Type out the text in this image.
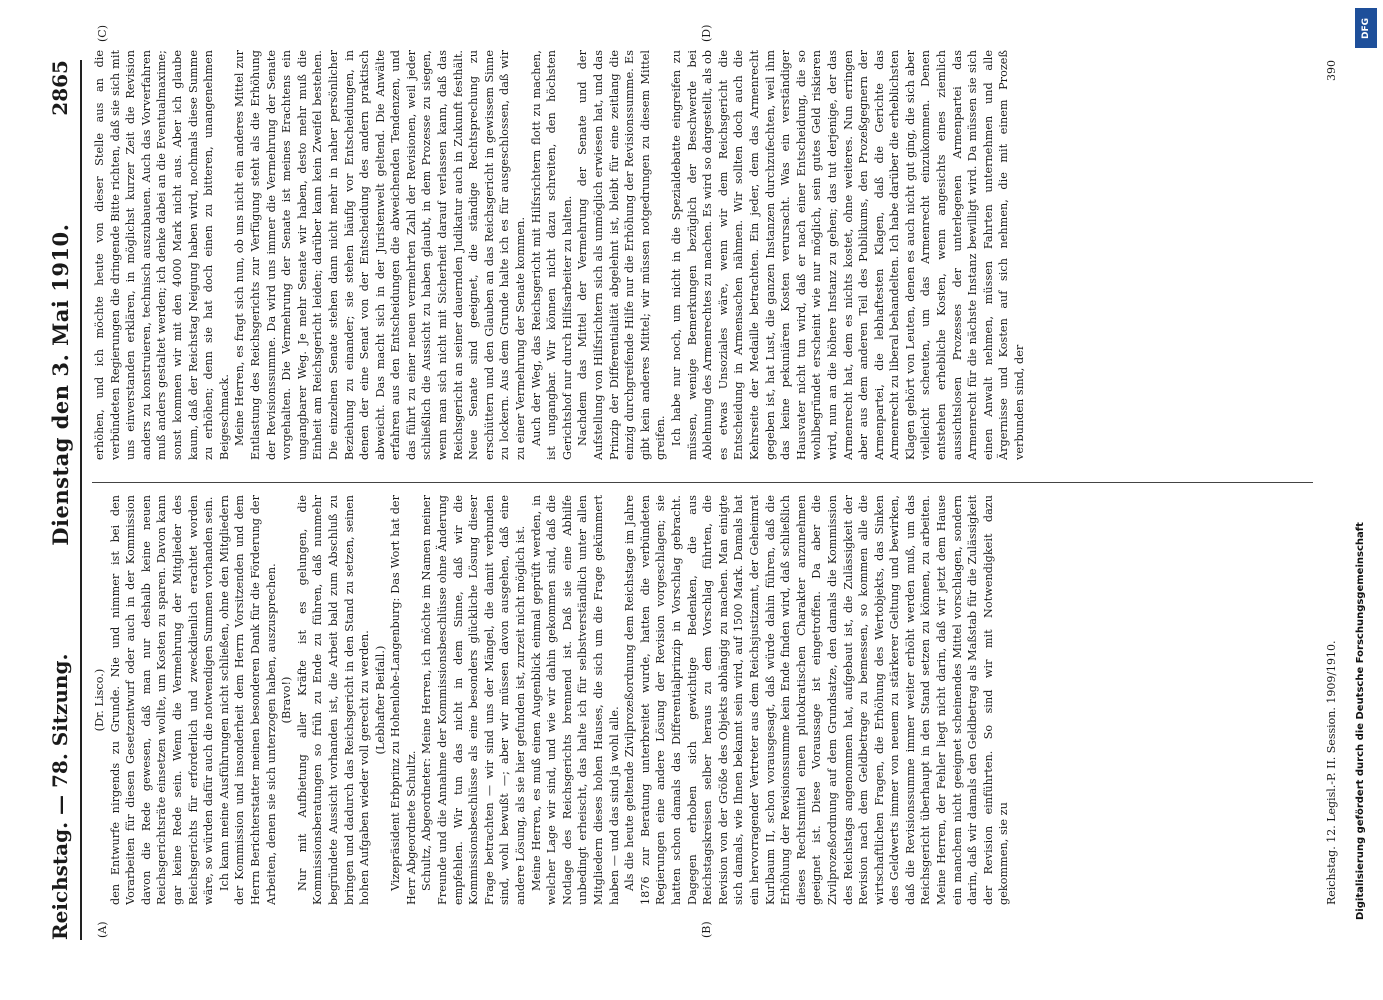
Reichstag. — 78. Sitzung.
Dienstag den 3. Mai 1910.
2865
(A)	(B)
(C)	(D)

(Dr. Lisco.) den Entwurfe nirgends zu Grunde. Nie und nimmer ist bei den Vorarbeiten für diesen Gesetzentwurf oder auch in der Kommission davon die Rede gewesen, daß man nur deshalb keine neuen Reichsgerichtsräte einsetzen wollte, um Kosten zu sparen. Davon kann gar keine Rede sein. Wenn die Vermehrung der Mitglieder des Reichsgerichts für erforderlich und zweckdienlich erachtet worden wäre, so würden dafür auch die notwendigen Summen vorhanden sein. Ich kann meine Ausführungen nicht schließen, ohne den Mitgliedern der Kommission und insonderheit dem Herrn Vorsitzenden und dem Herrn Berichterstatter meinen besonderen Dank für die Förderung der Arbeiten, denen sie sich unterzogen haben, auszusprechen. (Bravo!) Nur mit Aufbietung aller Kräfte ist es gelungen, die Kommissionsberatungen so früh zu Ende zu führen, daß nunmehr begründete Aussicht vorhanden ist, die Arbeit bald zum Abschluß zu bringen und dadurch das Reichsgericht in den Stand zu setzen, seinen hohen Aufgaben wieder voll gerecht zu werden. (Lebhafter Beifall.) Vizepräsident Erbprinz zu Hohenlohe-Langenburg: Das Wort hat der Herr Abgeordnete Schultz. Schultz, Abgeordneter: Meine Herren, ich möchte im Namen meiner Freunde und die Annahme der Kommissionsbeschlüsse ohne Änderung empfehlen. Wir tun das nicht in dem Sinne, daß wir die Kommissionsbeschlüsse als eine besonders glückliche Lösung dieser Frage betrachten — wir sind uns der Mängel, die damit verbunden sind, wohl bewußt —; aber wir müssen davon ausgehen, daß eine andere Lösung, als sie hier gefunden ist, zurzeit nicht möglich ist. Meine Herren, es muß einen Augenblick einmal geprüft werden, in welcher Lage wir sind, und wie wir dahin gekommen sind, daß die Notlage des Reichsgerichts brennend ist. Daß sie eine Abhilfe unbedingt erheischt, das halte ich für selbstverständlich unter allen Mitgliedern dieses hohen Hauses, die sich um die Frage gekümmert haben — und das sind ja wohl alle. Als die heute geltende Zivilprozeßordnung dem Reichstage im Jahre 1876 zur Beratung unterbreitet wurde, hatten die verbündeten Regierungen eine andere Lösung der Revision vorgeschlagen; sie hatten schon damals das Differentialprinzip in Vorschlag gebracht. Dagegen erhoben sich gewichtige Bedenken, die aus Reichstagskreisen selber heraus zu dem Vorschlag führten, die Revision von der Größe des Objekts abhängig zu machen. Man einigte sich damals, wie Ihnen bekannt sein wird, auf 1500 Mark. Damals hat ein hervorragender Vertreter aus dem Reichsjustizamt, der Geheimrat Kurlbaum II, schon vorausgesagt, daß würde dahin führen, daß die Erhöhung der Revisionssumme kein Ende finden wird, daß schließlich dieses Rechtsmittel einen plutokratischen Charakter anzunehmen geeignet ist. Diese Voraussage ist eingetroffen. Da aber die Zivilprozeßordnung auf dem Grundsatze, den damals die Kommission des Reichstags angenommen hat, aufgebaut ist, die Zulässigkeit der Revision nach dem Geldbetrage zu bemessen, so kommen alle die wirtschaftlichen Fragen, die Erhöhung des Wertobjekts, das Sinken des Geldwerts immer von neuem zu stärkerer Geltung und bewirken, daß die Revisionssumme immer weiter erhöht werden muß, um das Reichsgericht überhaupt in den Stand setzen zu können, zu arbeiten. Meine Herren, der Fehler liegt nicht darin, daß wir jetzt dem Hause ein manchem nicht geeignet scheinendes Mittel vorschlagen, sondern darin, daß wir damals den Geldbetrag als Maßstab für die Zulässigkeit der Revision einführten. So sind wir mit Notwendigkeit dazu gekommen, sie zu

erhöhen, und ich möchte heute von dieser Stelle aus an die verbündeten Regierungen die dringende Bitte richten, daß sie sich mit uns einverstanden erklären, in möglichst kurzer Zeit die Revision anders zu konstruieren, technisch auszubauen. Auch das Vorverfahren muß anders gestaltet werden; ich denke dabei an die Eventualmaxime; sonst kommen wir mit den 4000 Mark nicht aus. Aber ich glaube kaum, daß der Reichstag Neigung haben wird, nochmals diese Summe zu erhöhen; denn sie hat doch einen zu bitteren, unangenehmen Beigeschmack. Meine Herren, es fragt sich nun, ob uns nicht ein anderes Mittel zur Entlastung des Reichsgerichts zur Verfügung steht als die Erhöhung der Revisionssumme. Da wird uns immer die Vermehrung der Senate vorgehalten. Die Vermehrung der Senate ist meines Erachtens ein ungangbarer Weg. Je mehr Senate wir haben, desto mehr muß die Einheit am Reichsgericht leiden; darüber kann kein Zweifel bestehen. Die einzelnen Senate stehen dann nicht mehr in naher persönlicher Beziehung zu einander; sie stehen häufig vor Entscheidungen, in denen der eine Senat von der Entscheidung des andern praktisch abweicht. Das macht sich in der Juristenwelt geltend. Die Anwälte erfahren aus den Entscheidungen die abweichenden Tendenzen, und das führt zu einer neuen vermehrten Zahl der Revisionen, weil jeder schließlich die Aussicht zu haben glaubt, in dem Prozesse zu siegen, wenn man sich nicht mit Sicherheit darauf verlassen kann, daß das Reichsgericht an seiner dauernden Judikatur auch in Zukunft festhält. Neue Senate sind geeignet, die ständige Rechtsprechung zu erschüttern und den Glauben an das Reichsgericht in gewissem Sinne zu lockern. Aus dem Grunde halte ich es für ausgeschlossen, daß wir zu einer Vermehrung der Senate kommen. Auch der Weg, das Reichsgericht mit Hilfsrichtern flott zu machen, ist ungangbar. Wir können nicht dazu schreiten, den höchsten Gerichtshof nur durch Hilfsarbeiter zu halten. Nachdem das Mittel der Vermehrung der Senate und der Aufstellung von Hilfsrichtern sich als unmöglich erwiesen hat, und das Prinzip der Differentialität abgelehnt ist, bleibt für eine zeitlang die einzig durchgreifende Hilfe nur die Erhöhung der Revisionssumme. Es gibt kein anderes Mittel; wir müssen notgedrungen zu diesem Mittel greifen. Ich habe nur noch, um nicht in die Spezialdebatte eingreifen zu müssen, wenige Bemerkungen bezüglich der Beschwerde bei Ablehnung des Armenrechtes zu machen. Es wird so dargestellt, als ob es etwas Unsoziales wäre, wenn wir dem Reichsgericht die Entscheidung in Armensachen nähmen. Wir sollten doch auch die Kehrseite der Medaille betrachten. Ein jeder, dem das Armenrecht gegeben ist, hat Lust, die ganzen Instanzen durchzufechten, weil ihm das keine pekuniären Kosten verursacht. Was ein verständiger Hausvater nicht tun wird, daß er nach einer Entscheidung, die so wohlbegründet erscheint wie nur möglich, sein gutes Geld riskieren wird, nun an die höhere Instanz zu gehen; das tut derjenige, der das Armenrecht hat, dem es nichts kostet, ohne weiteres. Nun erringen aber aus dem anderen Teil des Publikums, den Prozeßgegnern der Armenpartei, die lebhaftesten Klagen, daß die Gerichte das Armenrecht zu liberal behandelten. Ich habe darüber die erheblichsten Klagen gehört von Leuten, denen es auch nicht gut ging, die sich aber vielleicht scheuten, um das Armenrecht einzukommen. Denen entstehen erhebliche Kosten, wenn angesichts eines ziemlich aussichtslosen Prozesses der unterlegenen Armenpartei das Armenrecht für die nächste Instanz bewilligt wird. Da müssen sie sich einen Anwalt nehmen, müssen Fahrten unternehmen und alle Ärgernisse und Kosten auf sich nehmen, die mit einem Prozeß verbunden sind, der

Reichstag. 12. Legisl.-P. II. Session. 1909/1910.
390
DFG
Digitalisierung gefördert durch die Deutsche Forschungsgemeinschaft
